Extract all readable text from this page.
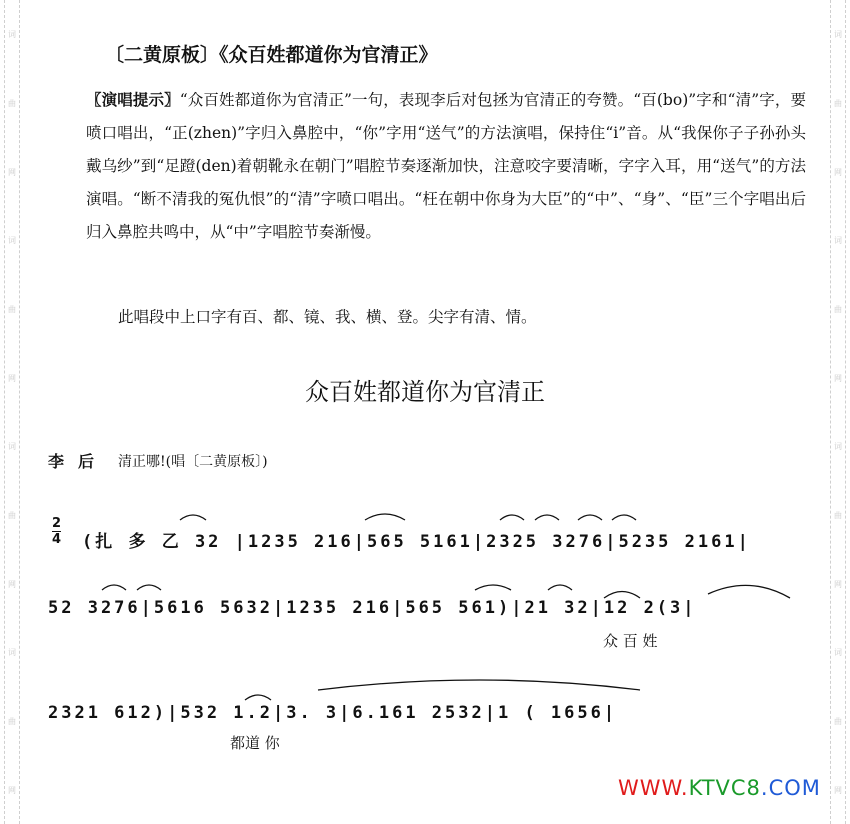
词
曲
网
词
曲
网
词
曲
网
词
曲
网
词
曲
网
词
曲
网
词
曲
网
词
曲
网
〔二黄原板〕《众百姓都道你为官清正》
〖演唱提示〗“众百姓都道你为官清正”一句，表现李后对包拯为官清正的夸赞。“百(bo)”字和“清”字，要喷口唱出，“正(zhen)”字归入鼻腔中，“你”字用“送气”的方法演唱，保持住“i”音。从“我保你子子孙孙头戴乌纱”到“足蹬(den)着朝靴永在朝门”唱腔节奏逐渐加快，注意咬字要清晰，字字入耳，用“送气”的方法演唱。“断不清我的冤仇恨”的“清”字喷口唱出。“枉在朝中你身为大臣”的“中”、“身”、“臣”三个字唱出后归入鼻腔共鸣中，从“中”字唱腔节奏渐慢。
此唱段中上口字有百、都、镜、我、横、登。尖字有清、情。
众百姓都道你为官清正
李后 清正哪!(唱〔二黄原板〕)
2
4 (扎 多 乙 32 |1235 216|565 5161|2325 3276|5235 2161|
52 3276|5616 5632|1235 216|565 561)|21 32|12 2(3|
众 百 姓
2321 612)|532 1.2|3. 3|6.161 2532|1 ( 1656|
都道 你
WWW.KTVC8.COM
